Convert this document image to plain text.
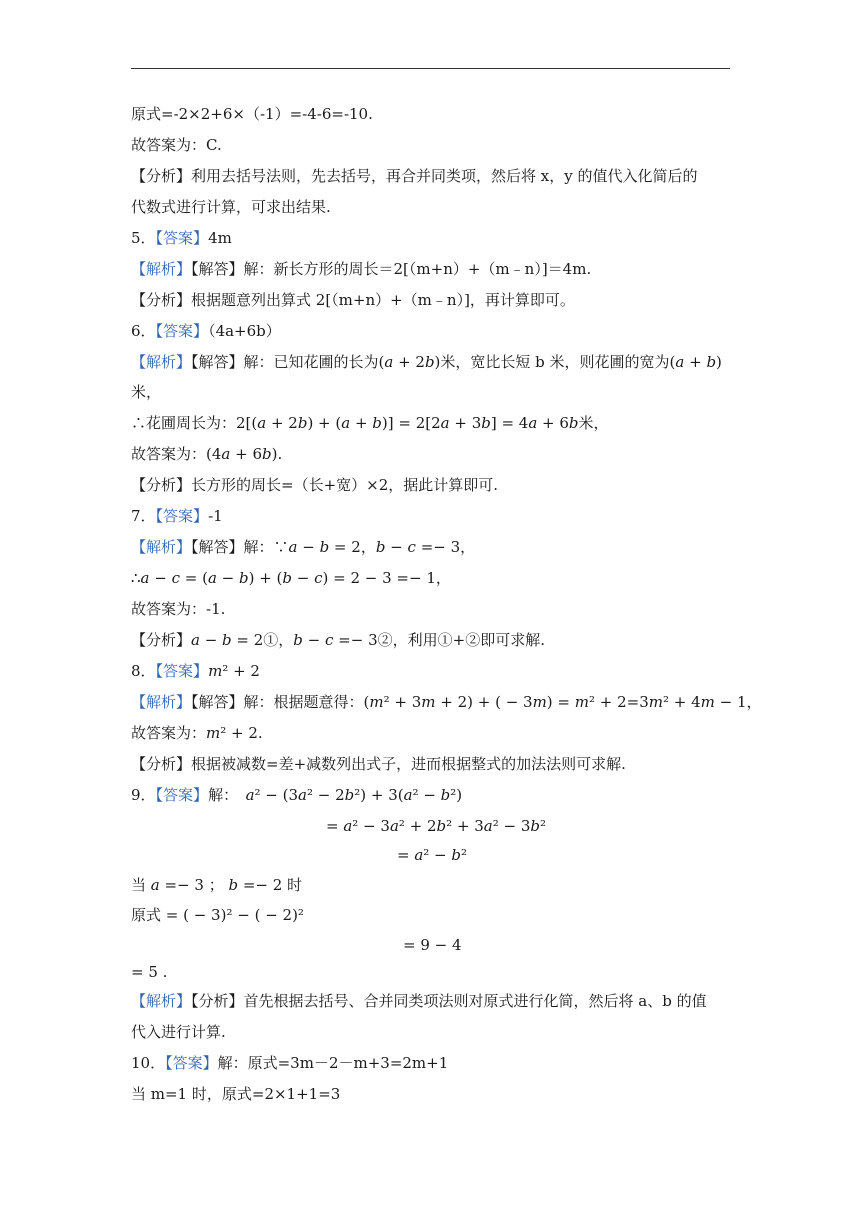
原式=-2×2+6×（-1）=-4-6=-10.
故答案为：C.
【分析】利用去括号法则，先去括号，再合并同类项，然后将 x，y 的值代入化简后的
代数式进行计算，可求出结果.
5．【答案】4m
【解析】【解答】解：新长方形的周长＝2[（m+n）+（m﹣n）]＝4m.
【分析】根据题意列出算式 2[（m+n）+（m﹣n）]，再计算即可。
6．【答案】（4a+6b）
【解析】【解答】解：已知花圃的长为(𝑎 + 2𝑏)米，宽比长短 b 米，则花圃的宽为(𝑎 + 𝑏)
米，
∴花圃周长为：2[(𝑎 + 2𝑏) + (𝑎 + 𝑏)] = 2[2𝑎 + 3𝑏] = 4𝑎 + 6𝑏米，
故答案为：(4𝑎 + 6𝑏).
【分析】长方形的周长=（长+宽）×2，据此计算即可.
7．【答案】-1
【解析】【解答】解：∵𝑎 − 𝑏 = 2，𝑏 − 𝑐 =− 3，
∴𝑎 − 𝑐 = (𝑎 − 𝑏) + (𝑏 − 𝑐) = 2 − 3 =− 1，
故答案为：-1.
【分析】𝑎 − 𝑏 = 2①，𝑏 − 𝑐 =− 3②，利用①+②即可求解.
8．【答案】𝑚² + 2
【解析】【解答】解：根据题意得：(𝑚² + 3𝑚 + 2) + ( − 3𝑚) = 𝑚² + 2=3𝑚² + 4𝑚 − 1，
故答案为：𝑚² + 2.
【分析】根据被减数=差+减数列出式子，进而根据整式的加法法则可求解.
9．【答案】解：　𝑎² − (3𝑎² − 2𝑏²) + 3(𝑎² − 𝑏²)
= 𝑎² − 3𝑎² + 2𝑏² + 3𝑎² − 3𝑏²
= 𝑎² − 𝑏²
当 𝑎 =− 3 ； 𝑏 =− 2 时
原式 = ( − 3)² − ( − 2)²
= 9 − 4
= 5 .
【解析】【分析】首先根据去括号、合并同类项法则对原式进行化简，然后将 a、b 的值
代入进行计算.
10．【答案】解：原式=3m－2－m+3=2m+1
当 m=1 时，原式=2×1+1=3
